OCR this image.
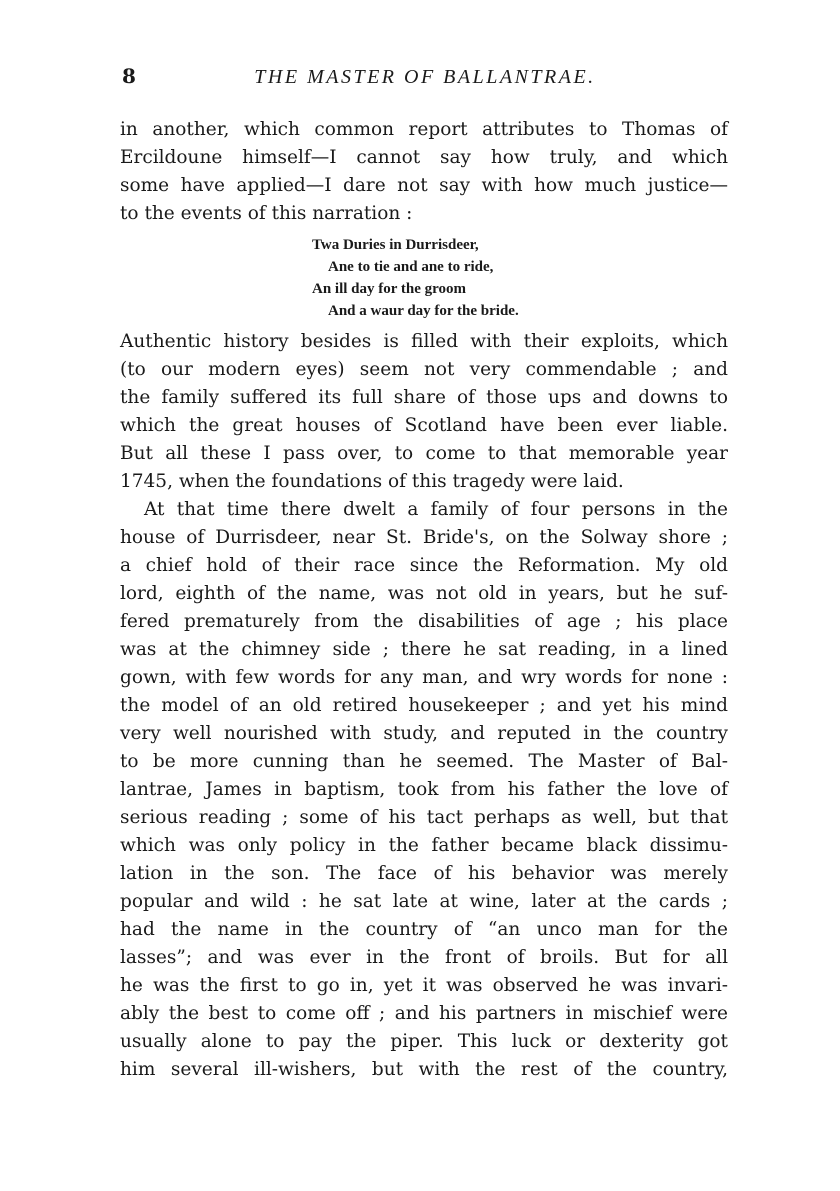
8	THE MASTER OF BALLANTRAE.
in another, which common report attributes to Thomas of
Ercildoune himself—I cannot say how truly, and which
some have applied—I dare not say with how much justice—
to the events of this narration :
Twa Duries in Durrisdeer,
Ane to tie and ane to ride,
An ill day for the groom
And a waur day for the bride.
Authentic history besides is filled with their exploits, which
(to our modern eyes) seem not very commendable ; and
the family suffered its full share of those ups and downs to
which the great houses of Scotland have been ever liable.
But all these I pass over, to come to that memorable year
1745, when the foundations of this tragedy were laid.
At that time there dwelt a family of four persons in the
house of Durrisdeer, near St. Bride's, on the Solway shore ;
a chief hold of their race since the Reformation. My old
lord, eighth of the name, was not old in years, but he suf-
fered prematurely from the disabilities of age ; his place
was at the chimney side ; there he sat reading, in a lined
gown, with few words for any man, and wry words for none :
the model of an old retired housekeeper ; and yet his mind
very well nourished with study, and reputed in the country
to be more cunning than he seemed. The Master of Bal-
lantrae, James in baptism, took from his father the love of
serious reading ; some of his tact perhaps as well, but that
which was only policy in the father became black dissimu-
lation in the son. The face of his behavior was merely
popular and wild : he sat late at wine, later at the cards ;
had the name in the country of “an unco man for the
lasses”; and was ever in the front of broils. But for all
he was the first to go in, yet it was observed he was invari-
ably the best to come off ; and his partners in mischief were
usually alone to pay the piper. This luck or dexterity got
him several ill-wishers, but with the rest of the country,
